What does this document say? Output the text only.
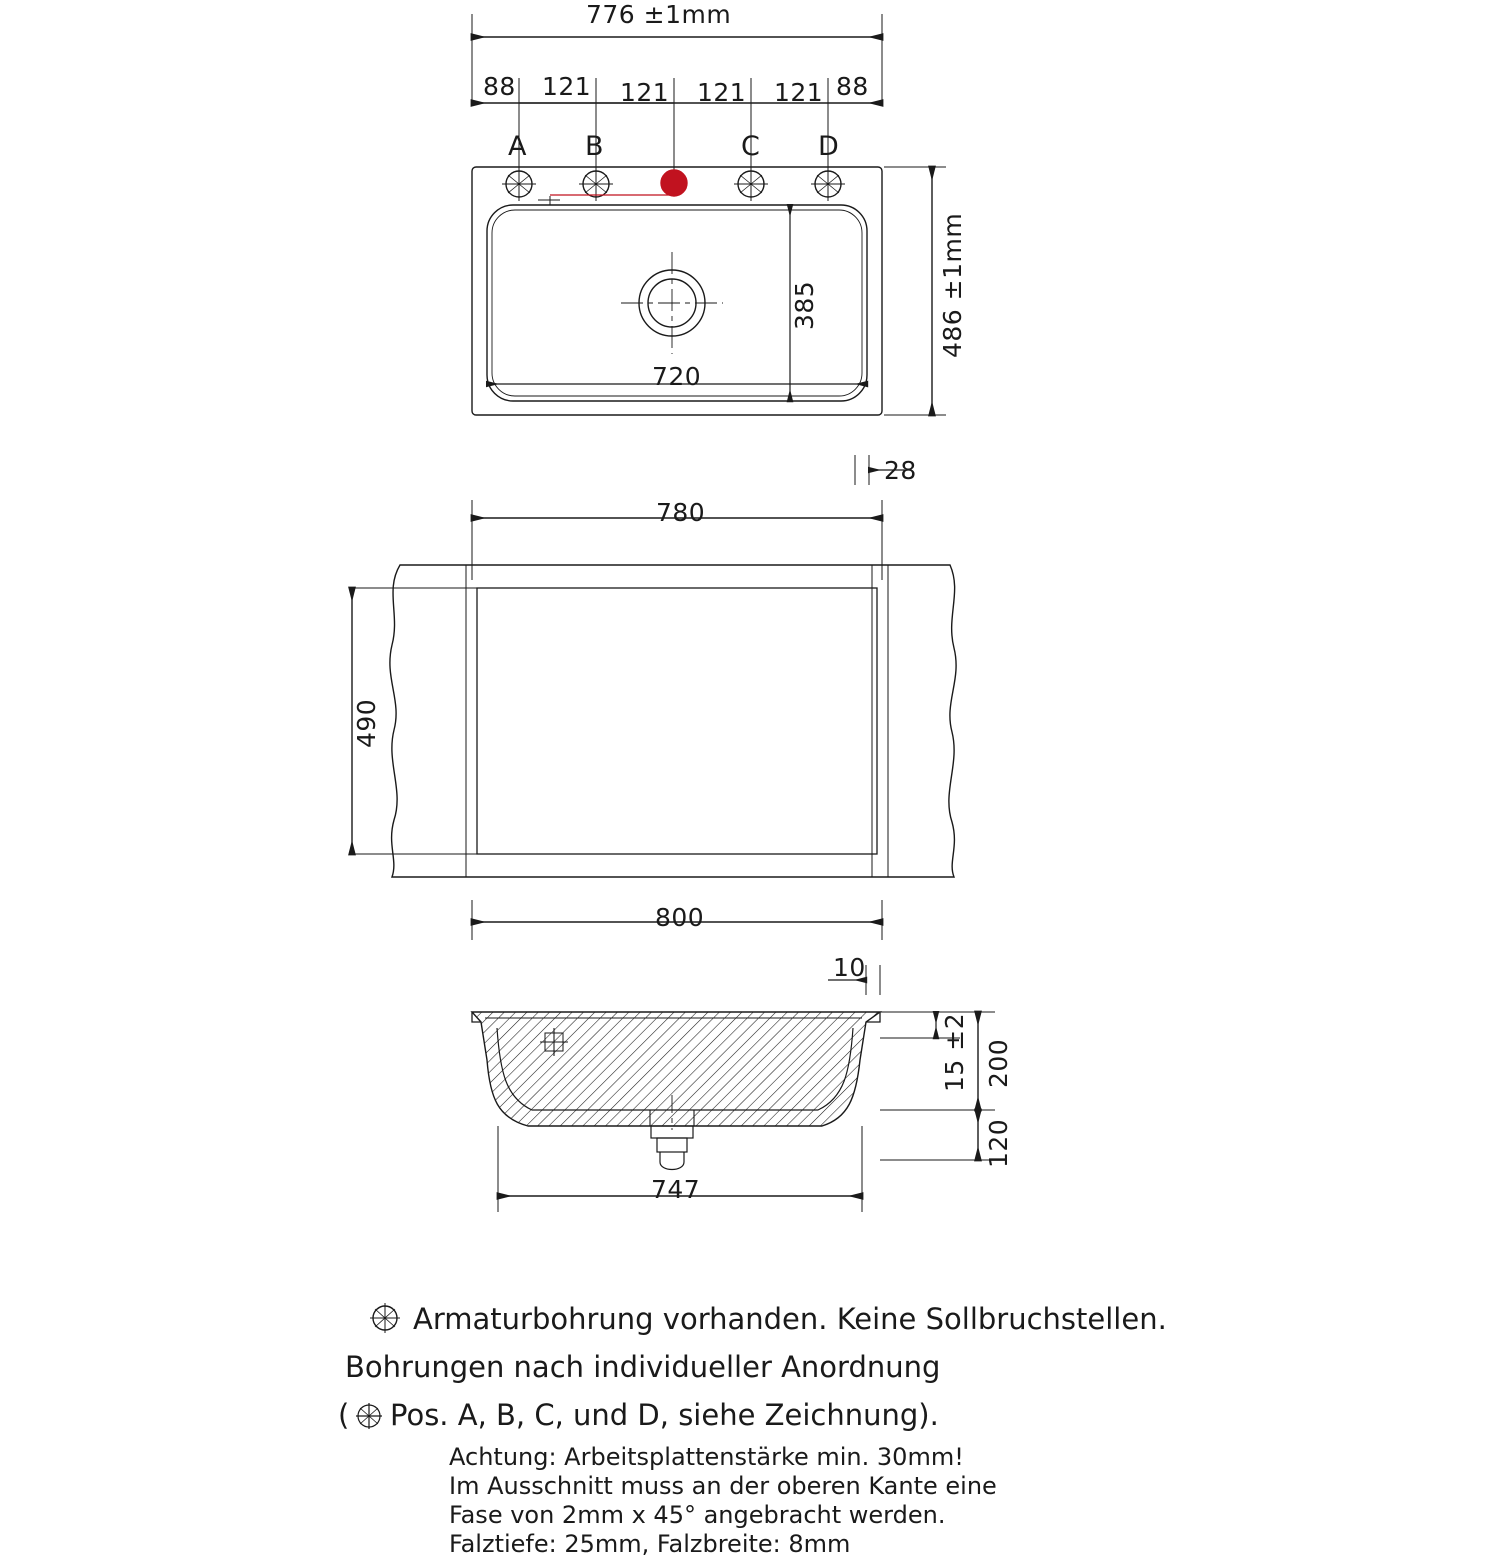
776 ±1mm
88 121 121 121 121 88
A B	C D
385
720
486 ±1mm
28
780
490
800
10
200
15 ±2
120
747
Armaturbohrung vorhanden. Keine Sollbruchstellen.
Bohrungen nach individueller Anordnung
( Pos. A, B, C, und D, siehe Zeichnung).
Achtung: Arbeitsplattenstärke min. 30mm!
Im Ausschnitt muss an der oberen Kante eine
Fase von 2mm x 45° angebracht werden.
Falztiefe: 25mm, Falzbreite: 8mm
